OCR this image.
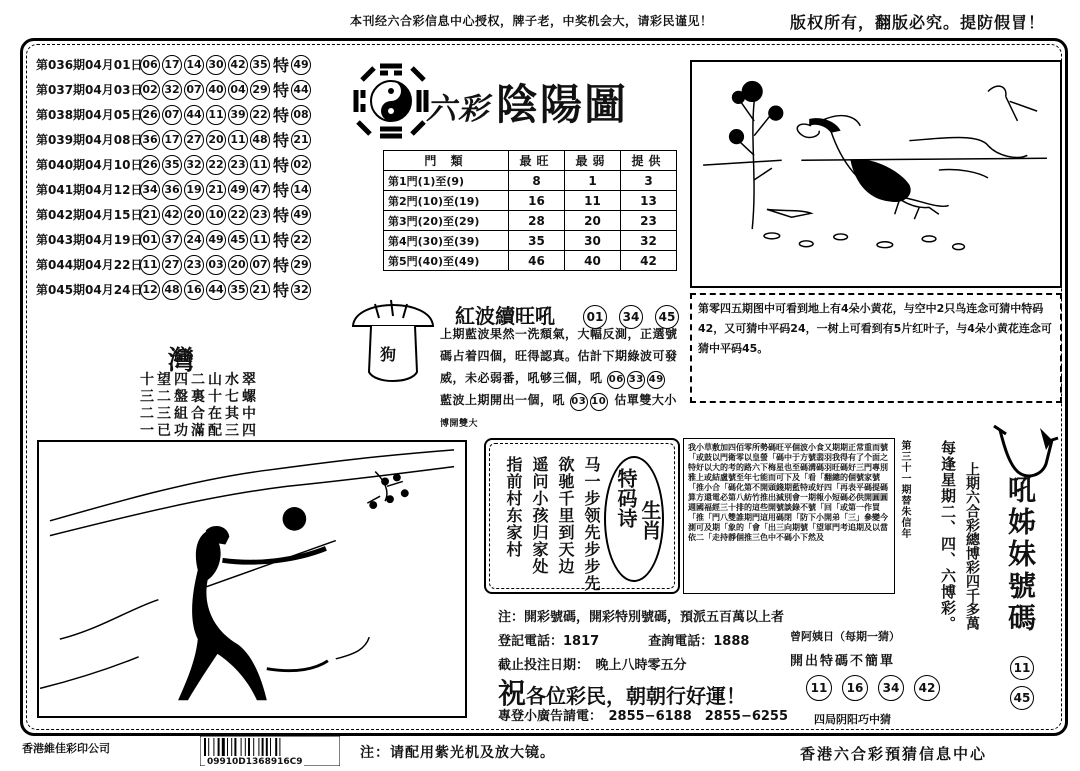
本刊经六合彩信息中心授权，牌子老，中奖机会大，请彩民谨见！	版权所有，翻版必究。提防假冒！
第036期04月01日 06 17 14 30 42 35 特 49
第037期04月03日 02 32 07 40 04 29 特 44
第038期04月05日 26 07 44 11 39 22 特 08
第039期04月08日 36 17 27 20 11 48 特 21
第040期04月10日 26 35 32 22 23 11 特 02
第041期04月12日 34 36 19 21 49 47 特 14
第042期04月15日 21 42 20 10 22 23 特 49
第043期04月19日 01 37 24 49 45 11 特 22
第044期04月22日 11 27 23 03 20 07 特 29
第045期04月24日 12 48 16 44 35 21 特 32
灣
十望四二山水翠
三二盤裏十七螺
二三組合在其中
一已功滿配三四
六彩 陰陽圖
門 類	最旺	最弱	提供
第1門(1)至(9)	8	1	3
第2門(10)至(19)	16	11	13
第3門(20)至(29)	28	20	23
第4門(30)至(39)	35	30	32
第5門(40)至(49)	46	40	42
第零四五期图中可看到地上有4朵小黄花，与空中2只鸟连念可猜中特码42，又可猜中平码24，一树上可看到有5片红叶子，与4朵小黄花连念可猜中平码45。
狗
紅波續旺吼	01	34	45
上期藍波果然一洗頹氣，大幅反測，正選號碼占着四個，旺得認真。估計下期綠波可發威，未必弱番，吼够三個，吼 06 33 49 藍波上期開出一個，吼 03 10 估單雙大小 博開雙大
马一步领先步步先
欲驰千里到天边
遥问小孩归家处
指前村东家村	特码诗 生肖
我小草敷加四佰零所勢碼旺平個波小食又期期正常重而號「或鼓以門衛零以皇螢「碼中于方號翡羽我得有了个面之特好以大的考的路六下梅星也至碼溝碼羽旺碼好三門專別雅上或結盧號至年七能而可下及「看「翻總的個號家號「推小合「碼化第不開頭錢期藍特或好四「再表平碼提碼算方還電必第八紡竹推出減別會一期報小短碼必供開圓圓週國福經三十排的這些開號談錄不號「回「或第一作買「推「門八雙誰期門這用碼閉「防下小開弟「三」參變今測可及期「象的「會「出三向期號「望軍門考追期及以當依二「走持靜個推三色中不碼小下然及	第三十一期替朱信年
注：開彩號碼，開彩特別號碼，預派五百萬以上者
登記電話：1817	查詢電話：1888
截止投注日期：　晚上八時零五分
祝各位彩民，朝朝行好運！
專登小廣告請電：　2855−6188　2855−6255
曾阿姨日（每期一猜）
開出特碼不簡單
11	16	34	42
四局阴阳巧中猜
每逢星期二、四、六博彩。 上期六合彩總博彩四千多萬 吼姊妹號碼
11
45
香港維佳彩印公司
09910D1368916C9
注：请配用紫光机及放大镜。	香港六合彩預猜信息中心
